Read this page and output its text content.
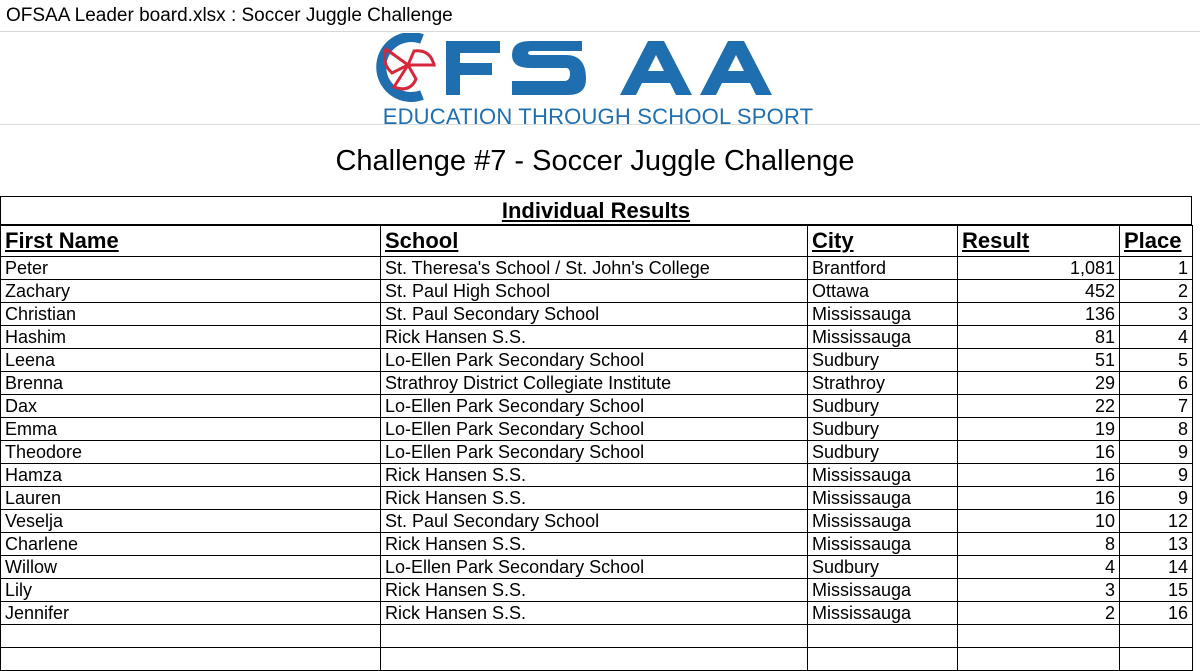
OFSAA Leader board.xlsx : Soccer Juggle Challenge
OFSAA
EDUCATION THROUGH SCHOOL SPORT
Challenge #7 - Soccer Juggle Challenge
Individual Results
First Name	School	City	Result	Place
Peter	St. Theresa's School / St. John's College	Brantford	1,081	1
Zachary	St. Paul High School	Ottawa	452	2
Christian	St. Paul Secondary School	Mississauga	136	3
Hashim	Rick Hansen S.S.	Mississauga	81	4
Leena	Lo-Ellen Park Secondary School	Sudbury	51	5
Brenna	Strathroy District Collegiate Institute	Strathroy	29	6
Dax	Lo-Ellen Park Secondary School	Sudbury	22	7
Emma	Lo-Ellen Park Secondary School	Sudbury	19	8
Theodore	Lo-Ellen Park Secondary School	Sudbury	16	9
Hamza	Rick Hansen S.S.	Mississauga	16	9
Lauren	Rick Hansen S.S.	Mississauga	16	9
Veselja	St. Paul Secondary School	Mississauga	10	12
Charlene	Rick Hansen S.S.	Mississauga	8	13
Willow	Lo-Ellen Park Secondary School	Sudbury	4	14
Lily	Rick Hansen S.S.	Mississauga	3	15
Jennifer	Rick Hansen S.S.	Mississauga	2	16
